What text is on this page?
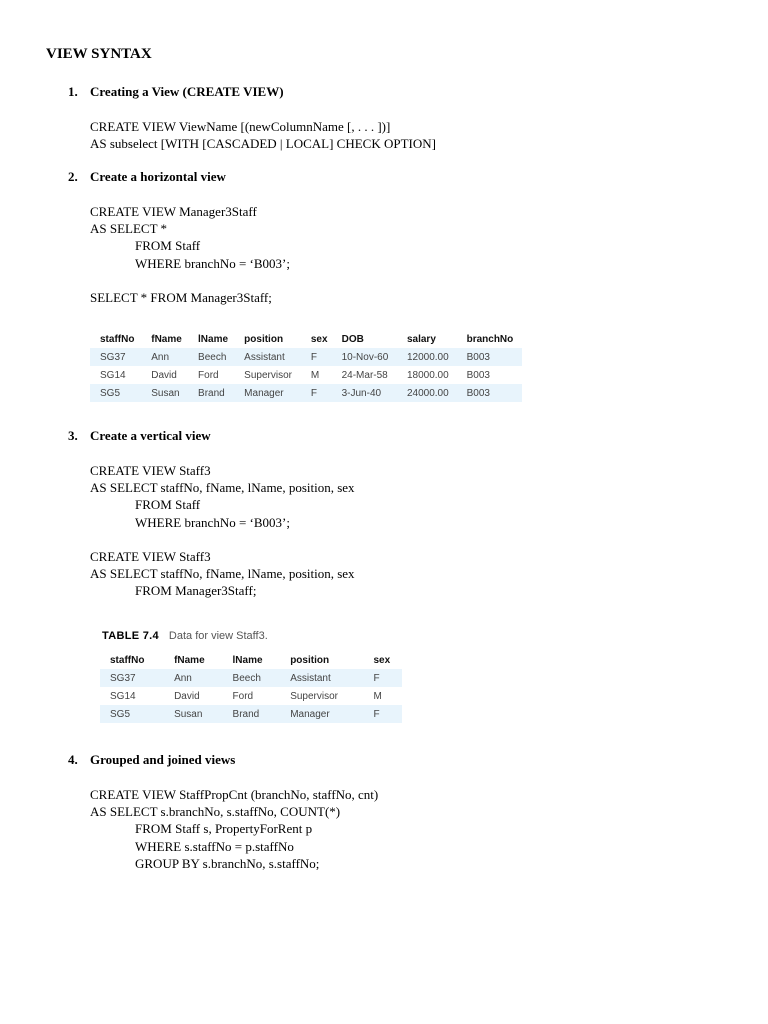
VIEW SYNTAX
1. Creating a View (CREATE VIEW)
CREATE VIEW ViewName [(newColumnName [, . . . ])]
AS subselect [WITH [CASCADED | LOCAL] CHECK OPTION]
2. Create a horizontal view
CREATE VIEW Manager3Staff
AS SELECT *
FROM Staff
WHERE branchNo = ‘B003’;
SELECT * FROM Manager3Staff;
staffNo	fName	lName	position	sex	DOB	salary	branchNo
SG37	Ann	Beech	Assistant	F	10-Nov-60	12000.00	B003
SG14	David	Ford	Supervisor	M	24-Mar-58	18000.00	B003
SG5	Susan	Brand	Manager	F	3-Jun-40	24000.00	B003
3. Create a vertical view
CREATE VIEW Staff3
AS SELECT staffNo, fName, lName, position, sex
FROM Staff
WHERE branchNo = ‘B003’;
CREATE VIEW Staff3
AS SELECT staffNo, fName, lName, position, sex
FROM Manager3Staff;
TABLE 7.4 Data for view Staff3.
staffNo	fName	lName	position	sex
SG37	Ann	Beech	Assistant	F
SG14	David	Ford	Supervisor	M
SG5	Susan	Brand	Manager	F
4. Grouped and joined views
CREATE VIEW StaffPropCnt (branchNo, staffNo, cnt)
AS SELECT s.branchNo, s.staffNo, COUNT(*)
FROM Staff s, PropertyForRent p
WHERE s.staffNo = p.staffNo
GROUP BY s.branchNo, s.staffNo;
